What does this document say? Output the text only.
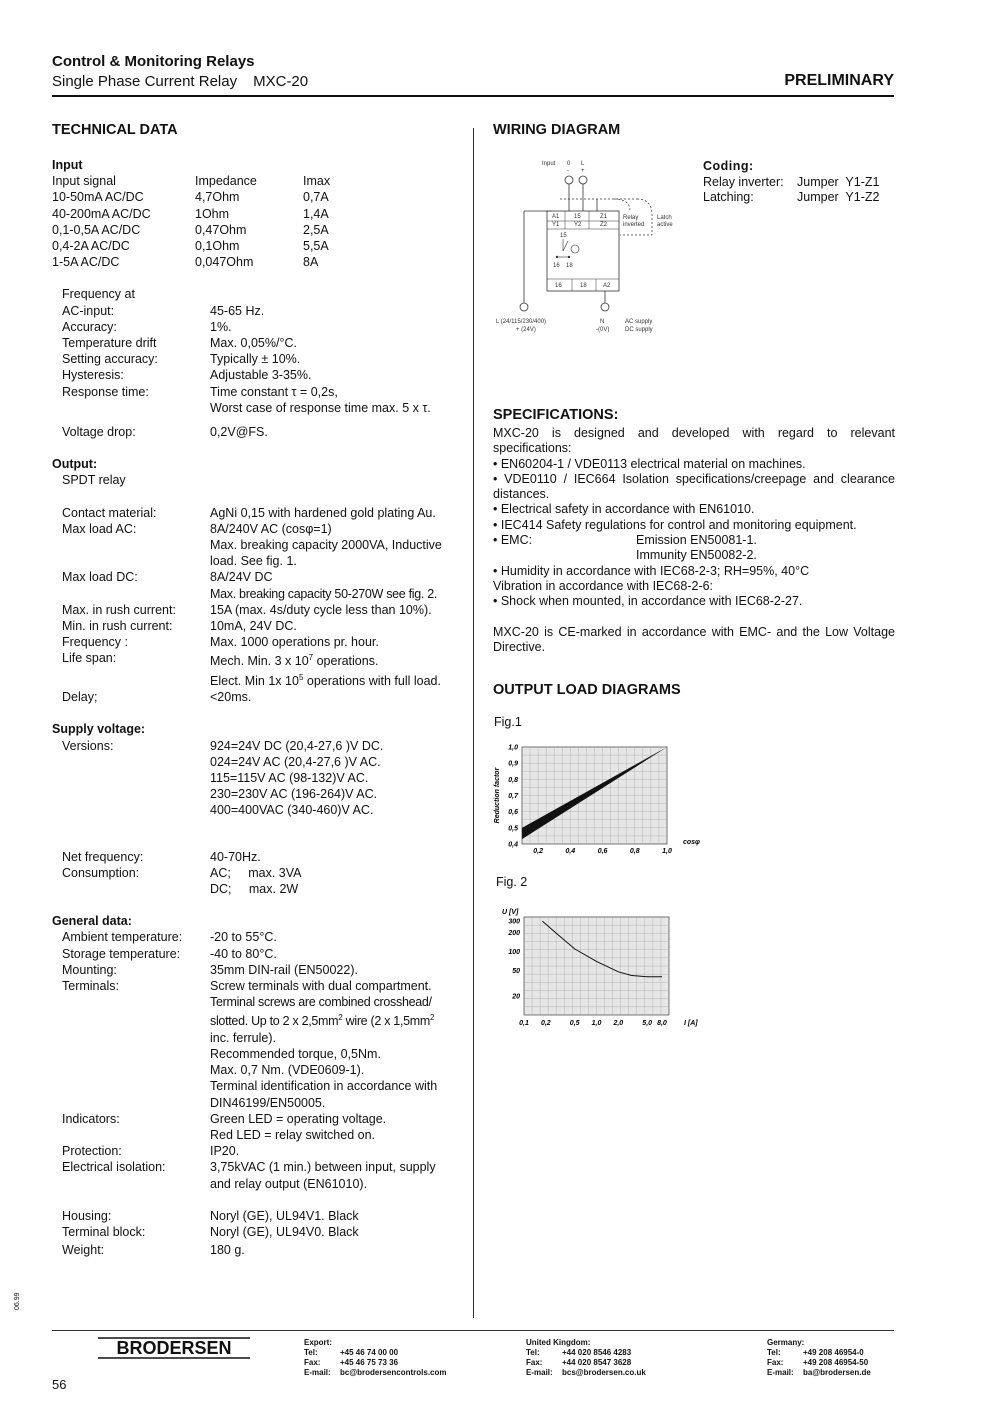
Control & Monitoring Relays
Single Phase Current Relay MXC-20	PRELIMINARY
TECHNICAL DATA
Input
Input signal	Impedance	Imax
10-50mA AC/DC	4,7Ohm	0,7A
40-200mA AC/DC	1Ohm	1,4A
0,1-0,5A AC/DC	0,47Ohm	2,5A
0,4-2A AC/DC	0,1Ohm	5,5A
1-5A AC/DC	0,047Ohm	8A
Frequency at
AC-input:	45-65 Hz.
Accuracy:	1%.
Temperature drift	Max. 0,05%/°C.
Setting accuracy:	Typically ± 10%.
Hysteresis:	Adjustable 3-35%.
Response time:	Time constant τ = 0,2s,
Worst case of response time max. 5 x τ.
Voltage drop:	0,2V@FS.
Output:
SPDT relay
Contact material:	AgNi 0,15 with hardened gold plating Au.
Max load AC:	8A/240V AC (cosφ=1)
Max. breaking capacity 2000VA, Inductive
load. See fig. 1.
Max load DC:	8A/24V DC
Max. breaking capacity 50-270W see fig. 2.
Max. in rush current:	15A (max. 4s/duty cycle less than 10%).
Min. in rush current:	10mA, 24V DC.
Frequency :	Max. 1000 operations pr. hour.
Life span:	Mech. Min. 3 x $10^7$ operations.
Elect. Min 1x $10^5$ operations with full load.
Delay;	<20ms.
Supply voltage:
Versions:	924=24V DC (20,4-27,6 )V DC.
024=24V AC (20,4-27,6 )V AC.
115=115V AC (98-132)V AC.
230=230V AC (196-264)V AC.
400=400VAC (340-460)V AC.
Net frequency:	40-70Hz.
Consumption:	AC;     max. 3VA
DC;     max. 2W
General data:
Ambient temperature:	-20 to 55°C.
Storage temperature:	-40 to 80°C.
Mounting:	35mm DIN-rail (EN50022).
Terminals:	Screw terminals with dual compartment.
Terminal screws are combined crosshead/
slotted. Up to 2 x $2,5mm^2$ wire (2 x $1,5mm^2$
inc. ferrule).
Recommended torque, 0,5Nm.
Max. 0,7 Nm. (VDE0609-1).
Terminal identification in accordance with
DIN46199/EN50005.
Indicators:	Green LED = operating voltage.
Red LED = relay switched on.
Protection:	IP20.
Electrical isolation:	3,75kVAC (1 min.) between input, supply
and relay output (EN61010).
Housing:	Noryl (GE), UL94V1. Black
Terminal block:	Noryl (GE), UL94V0. Black
Weight:	180 g.
WIRING DIAGRAM
Input 0
-
L
+
A1 15	Z1
Y1 Y2	Z2
Relay
inverted
Latch
active
15
16 18
16	18	A2
L (24/115/230/400)
+ (24V)
N
-(0V)
AC supply
DC supply
Coding:
Relay inverter:	Jumper  Y1-Z1
Latching:	Jumper  Y1-Z2
SPECIFICATIONS:
MXC-20 is designed and developed with regard to relevant specifications:
• EN60204-1 / VDE0113 electrical material on machines.
• VDE0110 / IEC664 Isolation specifications/creepage and clearance distances.
• Electrical safety in accordance with EN61010.
• IEC414 Safety regulations for control and monitoring equipment.
• EMC:	Emission EN50081-1.
Immunity EN50082-2.
• Humidity in accordance with IEC68-2-3; RH=95%, 40°C
Vibration in accordance with IEC68-2-6:
• Shock when mounted, in accordance with IEC68-2-27.
MXC-20 is CE-marked in accordance with EMC- and the Low Voltage Directive.
OUTPUT LOAD DIAGRAMS
Fig.1
0,4
0,5
0,6
0,7
0,8
0,9
1,0
0,2	0,4	0,6	0,8	1,0
cosφ
Reduction factor
Fig. 2
300
200
100
50
20
0,1 0,2	0,5 1,0 2,0	5,0 8,0 I [A]
U [V]
06.99
BRODERSEN
56
Export:
Tel:	+45 46 74 00 00
Fax:	+45 46 75 73 36
E-mail:	bc@brodersencontrols.com
United Kingdom:
Tel:	+44 020 8546 4283
Fax:	+44 020 8547 3628
E-mail:	bcs@brodersen.co.uk
Germany:
Tel:	+49 208 46954-0
Fax:	+49 208 46954-50
E-mail:	ba@brodersen.de
